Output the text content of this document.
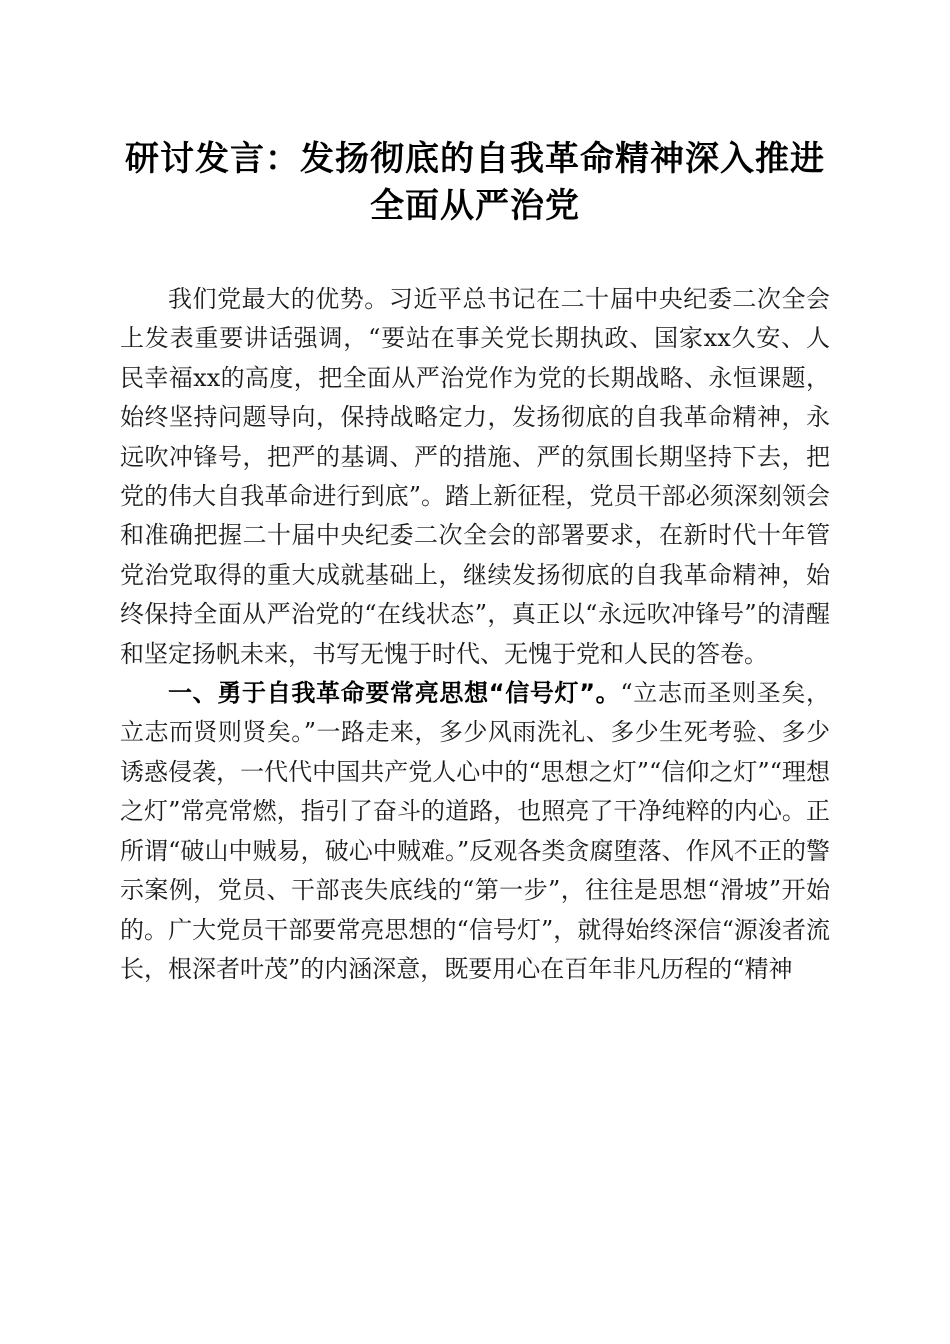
研讨发言：发扬彻底的自我革命精神深入推进
全面从严治党

我们党最大的优势。习近平总书记在二十届中央纪委二次全会上发表重要讲话强调，“要站在事关党长期执政、国家xx久安、人民幸福xx的高度，把全面从严治党作为党的长期战略、永恒课题，始终坚持问题导向，保持战略定力，发扬彻底的自我革命精神，永远吹冲锋号，把严的基调、严的措施、严的氛围长期坚持下去，把党的伟大自我革命进行到底”。踏上新征程，党员干部必须深刻领会和准确把握二十届中央纪委二次全会的部署要求，在新时代十年管党治党取得的重大成就基础上，继续发扬彻底的自我革命精神，始终保持全面从严治党的“在线状态”，真正以“永远吹冲锋号”的清醒和坚定扬帆未来，书写无愧于时代、无愧于党和人民的答卷。

一、勇于自我革命要常亮思想“信号灯”。“立志而圣则圣矣，立志而贤则贤矣。”一路走来，多少风雨洗礼、多少生死考验、多少诱惑侵袭，一代代中国共产党人心中的“思想之灯”“信仰之灯”“理想之灯”常亮常燃，指引了奋斗的道路，也照亮了干净纯粹的内心。正所谓“破山中贼易，破心中贼难。”反观各类贪腐堕落、作风不正的警示案例，党员、干部丧失底线的“第一步”，往往是思想“滑坡”开始的。广大党员干部要常亮思想的“信号灯”，就得始终深信“源浚者流长，根深者叶茂”的内涵深意，既要用心在百年非凡历程的“精神
